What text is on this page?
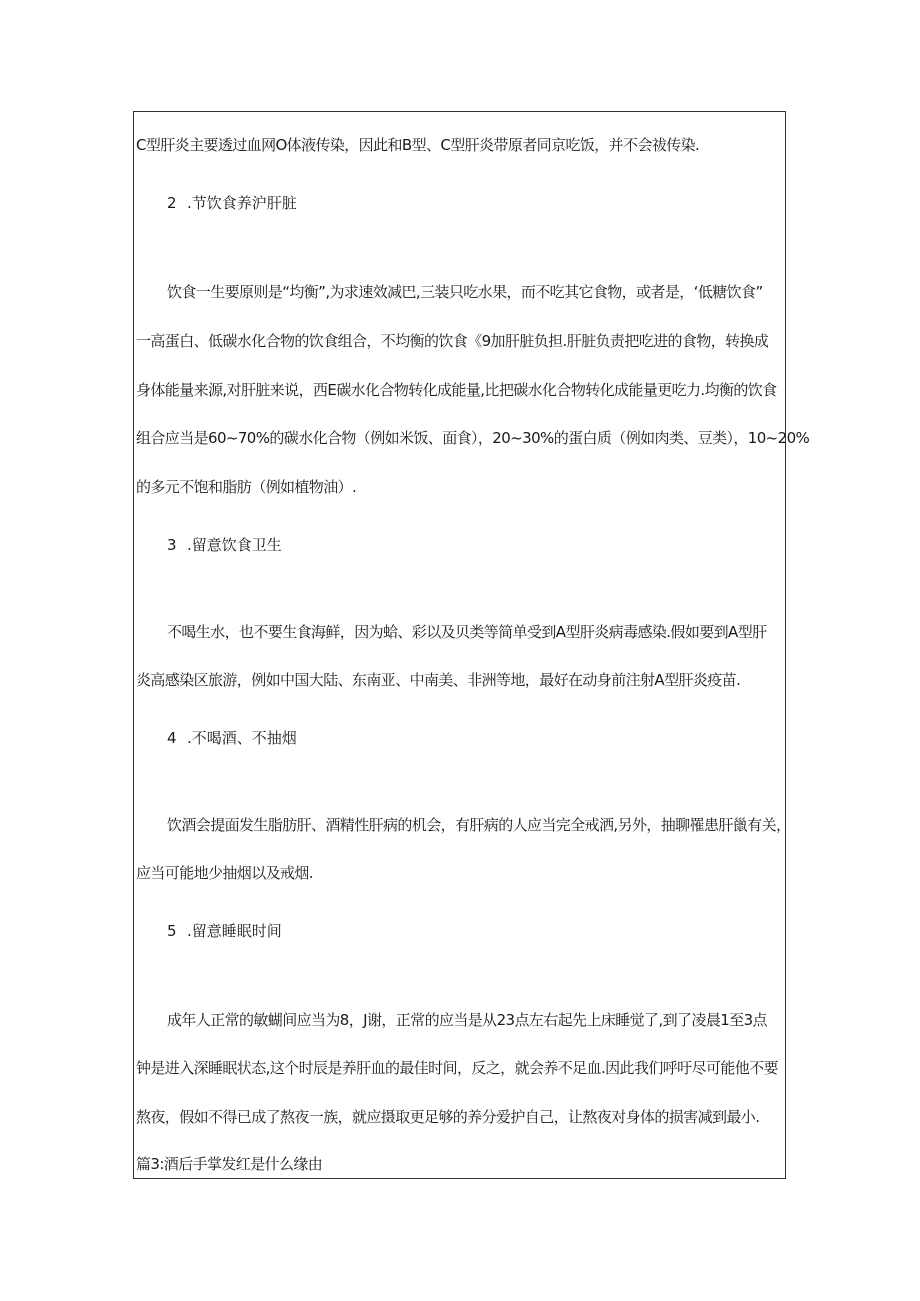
C型肝炎主要透过血网O体液传染，因此和B型、C型肝炎带原者同京吃饭，并不会祓传染.
2 .节饮食养沪肝脏
饮食一生要原则是“均衡”,为求速效减巴,三装只吃水果，而不吃其它食物，或者是，‘低糖饮食”
一高蛋白、低碳水化合物的饮食组合，不均衡的饮食《9加肝脏负担.肝脏负责把吃进的食物，转换成
身体能量来源,对肝脏来说，西E碳水化合物转化成能量,比把碳水化合物转化成能量更吃力.均衡的饮食
组合应当是60~70%的碳水化合物（例如米饭、面食），20~30%的蛋白质（例如肉类、豆类），10~20%
的多元不饱和脂肪（例如植物油）.
3 .留意饮食卫生
不喝生水，也不要生食海鲜，因为蛤、彩以及贝类等简单受到A型肝炎病毒感染.假如要到A型肝
炎高感染区旅游，例如中国大陆、东南亚、中南美、非洲等地，最好在动身前注射A型肝炎疫苗.
4 .不喝酒、不抽烟
饮酒会提面发生脂肪肝、酒精性肝病的机会，有肝病的人应当完全戒洒,另外，抽聊罹患肝巤有关，
应当可能地少抽烟以及戒烟.
5 .留意睡眠时间
成年人正常的敏蝴间应当为8，J谢，正常的应当是从23点左右起先上床睡觉了,到了凌晨1至3点
钟是进入深睡眠状态,这个时辰是养肝血的最佳时间，反之，就会养不足血.因此我们呼吁尽可能他不要
熬夜，假如不得已成了熬夜一族，就应摄取更足够的养分爱护自己，让熬夜对身体的损害减到最小.
篇3:酒后手掌发红是什么缘由
